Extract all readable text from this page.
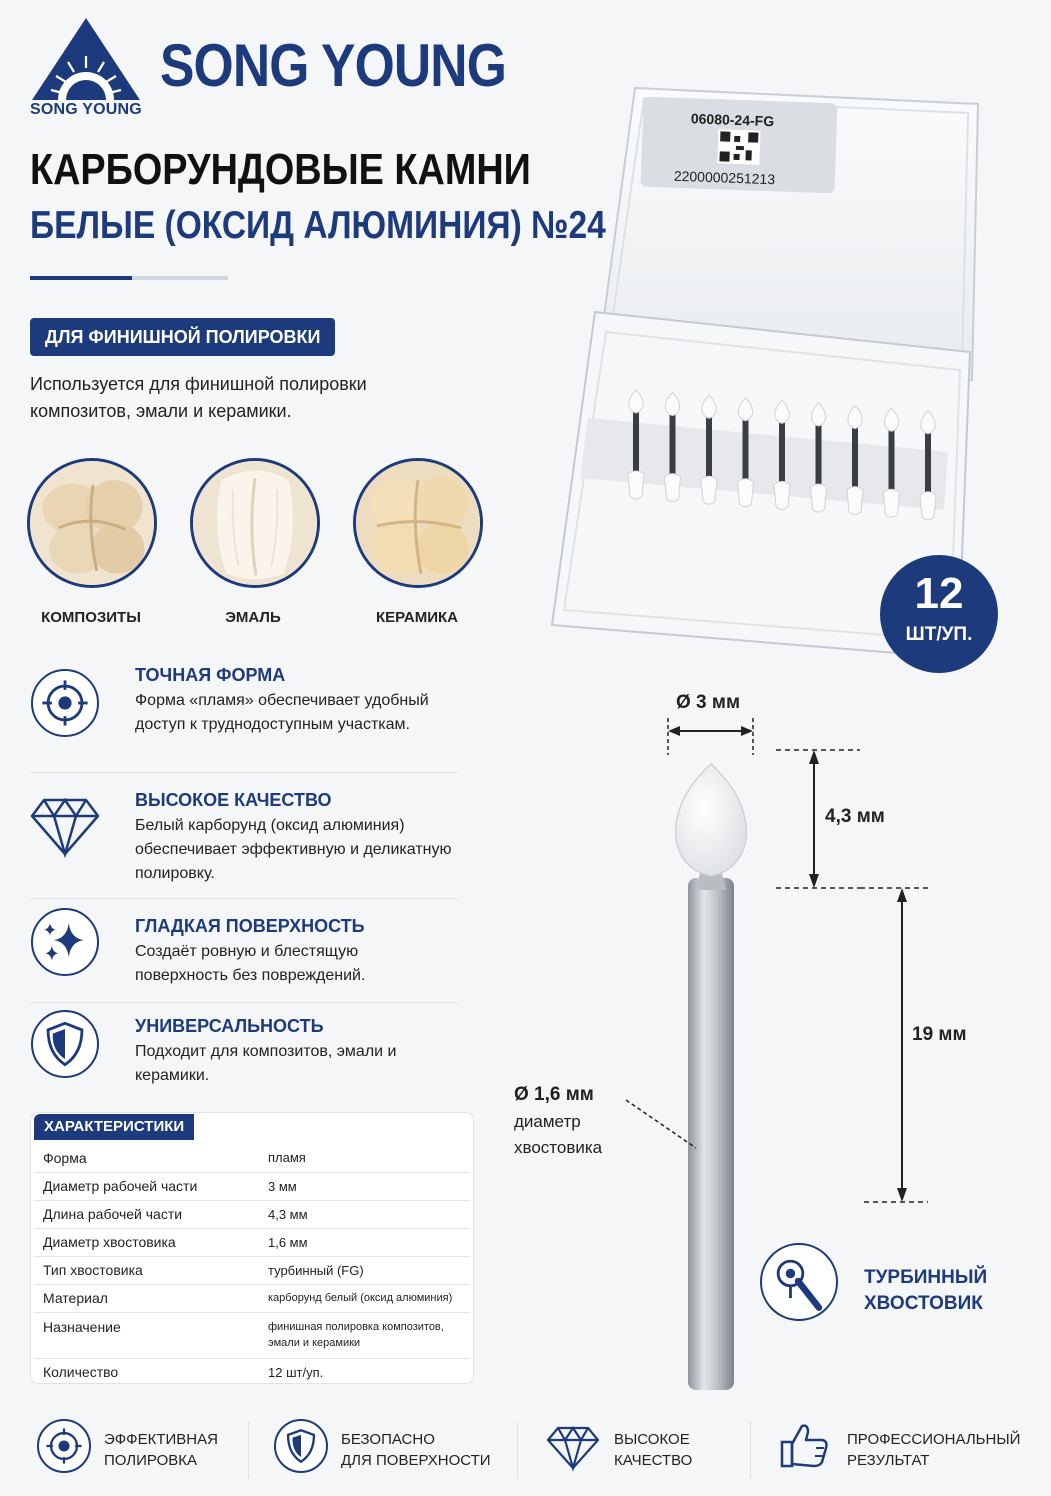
SONG YOUNG
SONG YOUNG
КАРБОРУНДОВЫЕ КАМНИ
БЕЛЫЕ (ОКСИД АЛЮМИНИЯ) №24
ДЛЯ ФИНИШНОЙ ПОЛИРОВКИ
Используется для финишной полировки композитов, эмали и керамики.
КОМПОЗИТЫ	ЭМАЛЬ	КЕРАМИКА
ТОЧНАЯ ФОРМА
Форма «пламя» обеспечивает удобный доступ к труднодоступным участкам.
ВЫСОКОЕ КАЧЕСТВО
Белый карборунд (оксид алюминия) обеспечивает эффективную и деликатную полировку.
ГЛАДКАЯ ПОВЕРХНОСТЬ
Создаёт ровную и блестящую поверхность без повреждений.
УНИВЕРСАЛЬНОСТЬ
Подходит для композитов, эмали и керамики.
ХАРАКТЕРИСТИКИ
Форма	пламя
Диаметр рабочей части	3 мм
Длина рабочей части	4,3 мм
Диаметр хвостовика	1,6 мм
Тип хвостовика	турбинный (FG)
Материал	карборунд белый (оксид алюминия)
Назначение	финишная полировка композитов, эмали и керамики
Количество	12 шт/уп.
06080-24-FG
2200000251213
12
ШТ/УП.
Ø 3 мм
4,3 мм
19 мм
Ø 1,6 мм
диаметр
хвостовика
ТУРБИННЫЙ
ХВОСТОВИК
ЭФФЕКТИВНАЯ
ПОЛИРОВКА
БЕЗОПАСНО
ДЛЯ ПОВЕРХНОСТИ
ВЫСОКОЕ
КАЧЕСТВО
ПРОФЕССИОНАЛЬНЫЙ
РЕЗУЛЬТАТ
